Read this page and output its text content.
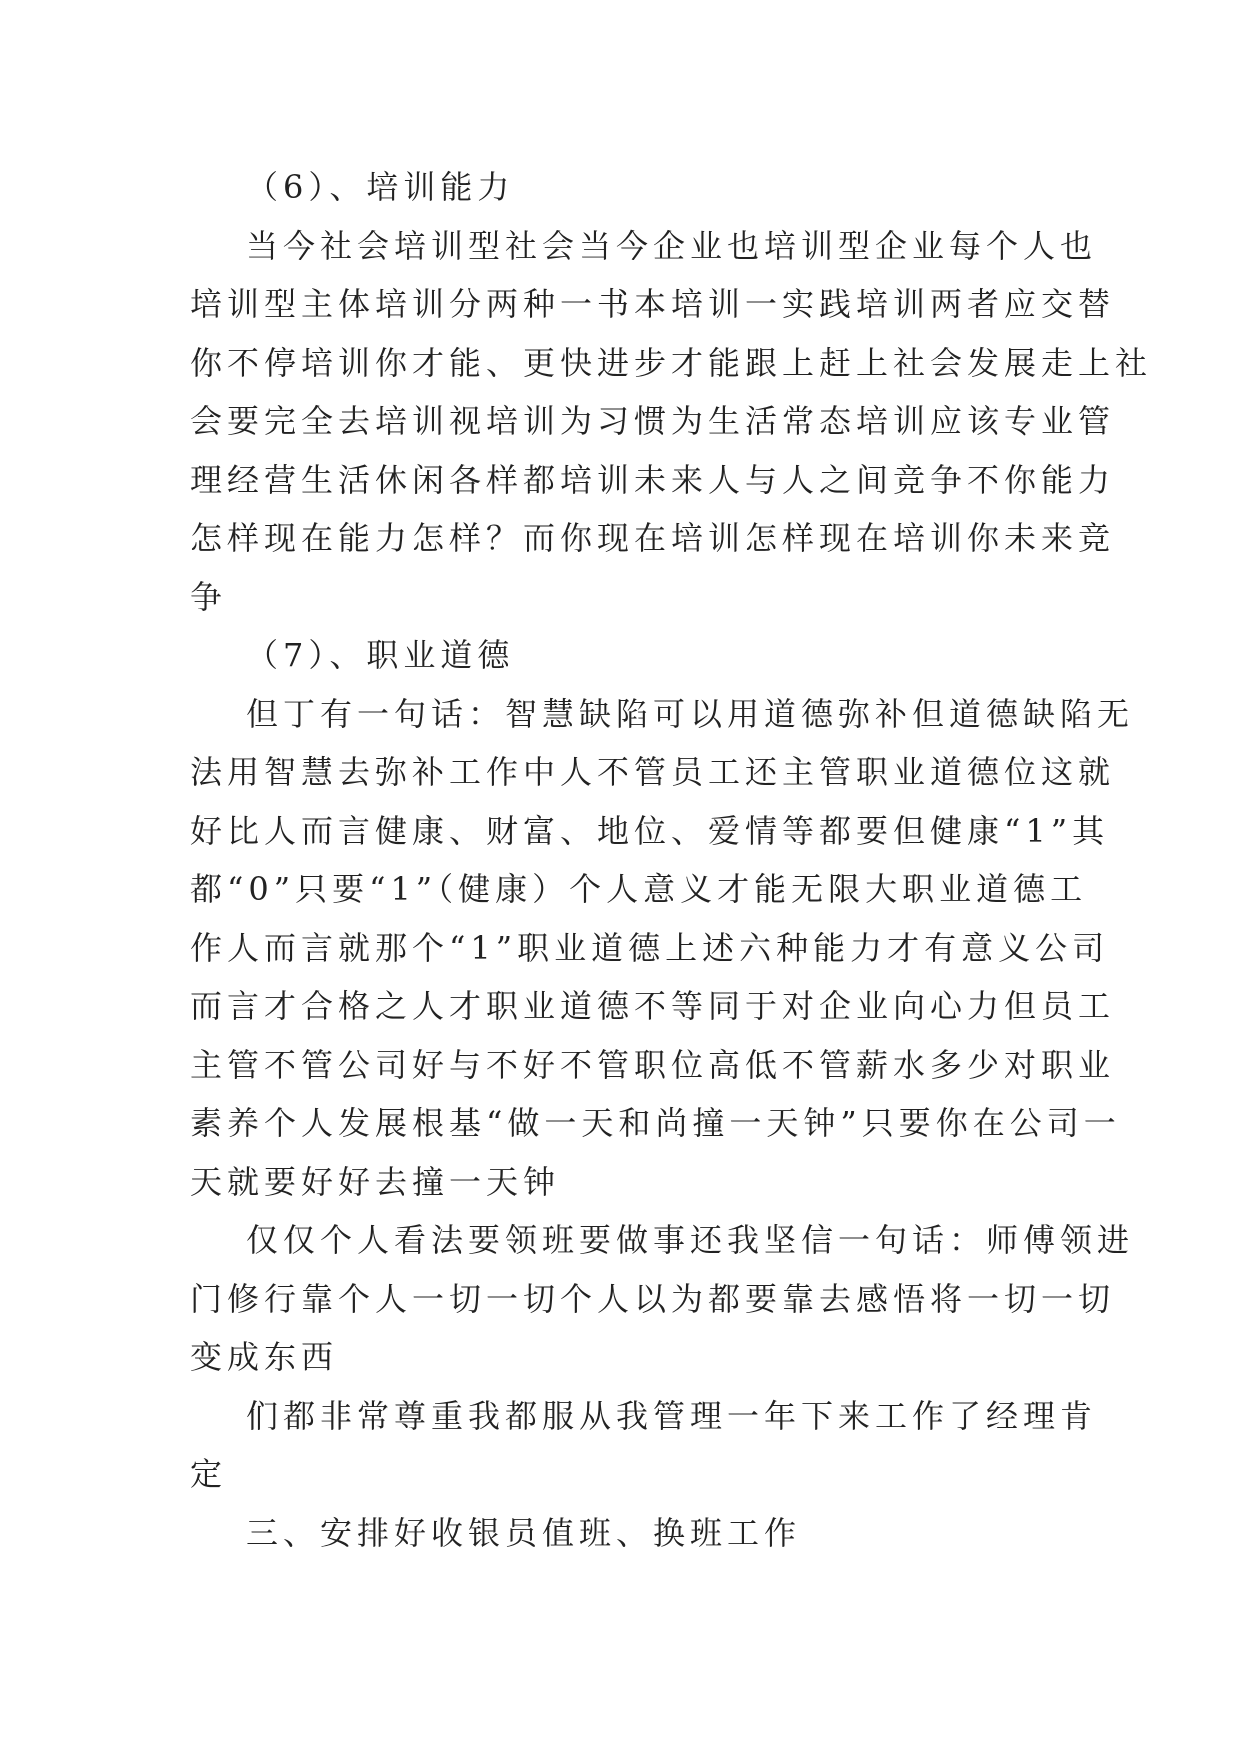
（6）、培训能力
当今社会培训型社会当今企业也培训型企业每个人也
培训型主体培训分两种一书本培训一实践培训两者应交替
你不停培训你才能、更快进步才能跟上赶上社会发展走上社
会要完全去培训视培训为习惯为生活常态培训应该专业管
理经营生活休闲各样都培训未来人与人之间竞争不你能力
怎样现在能力怎样？而你现在培训怎样现在培训你未来竞
争
（7）、职业道德
但丁有一句话：智慧缺陷可以用道德弥补但道德缺陷无
法用智慧去弥补工作中人不管员工还主管职业道德位这就
好比人而言健康、财富、地位、爱情等都要但健康“1”其
都“0”只要“1”（健康）个人意义才能无限大职业道德工
作人而言就那个“1”职业道德上述六种能力才有意义公司
而言才合格之人才职业道德不等同于对企业向心力但员工
主管不管公司好与不好不管职位高低不管薪水多少对职业
素养个人发展根基“做一天和尚撞一天钟”只要你在公司一
天就要好好去撞一天钟
仅仅个人看法要领班要做事还我坚信一句话：师傅领进
门修行靠个人一切一切个人以为都要靠去感悟将一切一切
变成东西
们都非常尊重我都服从我管理一年下来工作了经理肯
定
三、安排好收银员值班、换班工作
